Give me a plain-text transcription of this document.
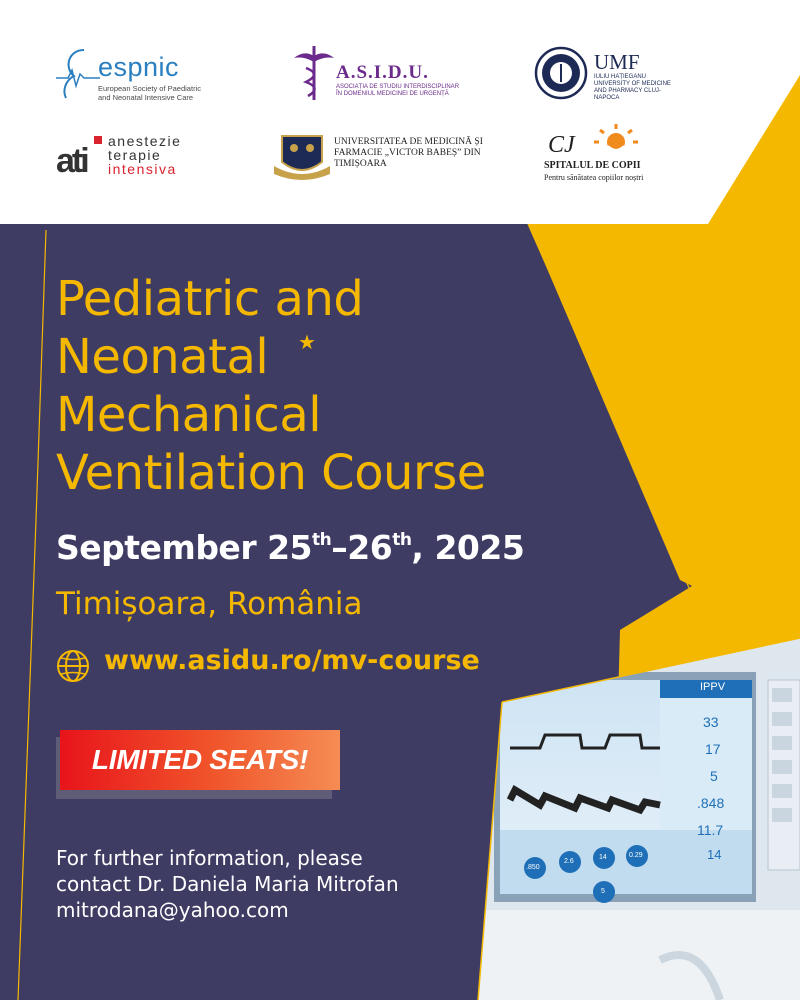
IPPV
33
17
5
.848
11.7
14
.850
2.6
14	0.29
5
espnic
European Society of Paediatric and Neonatal Intensive Care
A.S.I.D.U.
ASOCIAȚIA DE STUDIU INTERDISCIPLINAR ÎN DOMENIUL MEDICINEI DE URGENȚĂ
UMF
IULIU HAȚIEGANU UNIVERSITY OF MEDICINE AND PHARMACY CLUJ-NAPOCA
ati
anestezie
terapie
intensiva
UNIVERSITATEA DE MEDICINĂ ȘI FARMACIE „VICTOR BABEȘ” DIN TIMIȘOARA
CJ
SPITALUL DE COPII
Pentru sănătatea copiilor noștri
Pediatric and
Neonatal
Mechanical
Ventilation Course
★
September 25th–26th, 2025
Timișoara, România
www.asidu.ro/mv-course
LIMITED SEATS!
For further information, please
contact Dr. Daniela Maria Mitrofan
mitrodana@yahoo.com
